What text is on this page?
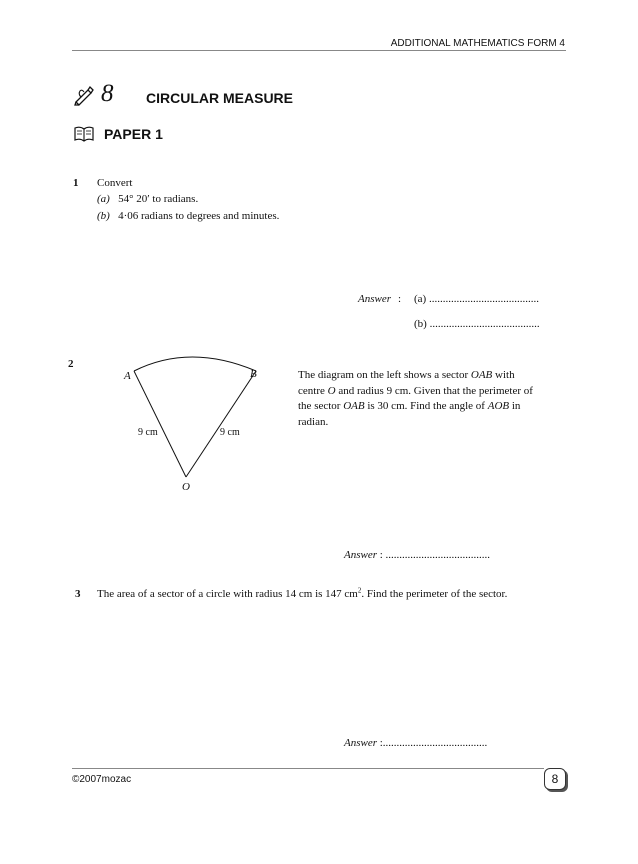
ADDITIONAL MATHEMATICS FORM 4
8 CIRCULAR MEASURE
PAPER 1
1 Convert
(a) 54° 20′ to radians.
(b) 4·06 radians to degrees and minutes.
Answer : (a) ........................................
(b) ........................................
2
A	B
O
9 cm	9 cm
The diagram on the left shows a sector OAB with
centre O and radius 9 cm. Given that the perimeter of
the sector OAB is 30 cm. Find the angle of AOB in
radian.
Answer : ......................................
3 The area of a sector of a circle with radius 14 cm is 147 $cm^2$. Find the perimeter of the sector.
Answer :......................................
©2007mozac	8
